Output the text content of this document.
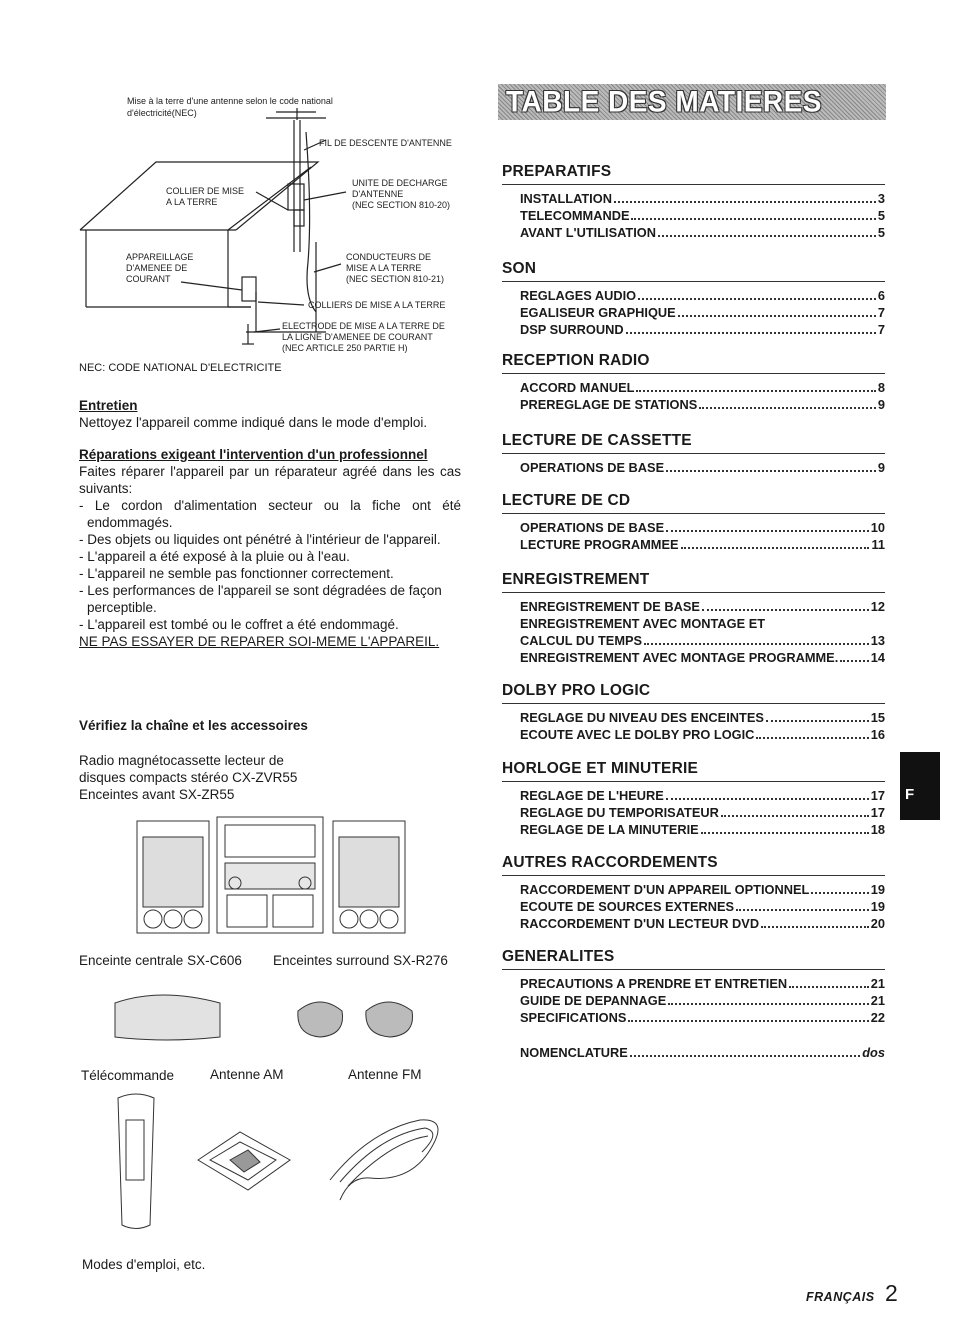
Mise à la terre d'une antenne selon le code national
d'électricité(NEC)
FIL DE DESCENTE D'ANTENNE
COLLIER DE MISE
A LA TERRE
UNITE DE DECHARGE
D'ANTENNE
(NEC SECTION 810-20)
APPAREILLAGE
D'AMENEE DE
COURANT
CONDUCTEURS DE
MISE A LA TERRE
(NEC SECTION 810-21)
COLLIERS DE MISE A LA TERRE
ELECTRODE DE MISE A LA TERRE DE
LA LIGNE D'AMENEE DE COURANT
(NEC ARTICLE 250 PARTIE H)
NEC: CODE NATIONAL D'ELECTRICITE
Entretien
Nettoyez l'appareil comme indiqué dans le mode d'emploi.
Réparations exigeant l'intervention d'un professionnel
Faites réparer l'appareil par un réparateur agréé dans les cas suivants:
- Le cordon d'alimentation secteur ou la fiche ont été endommagés.
- Des objets ou liquides ont pénétré à l'intérieur de l'appareil.
- L'appareil a été exposé à la pluie ou à l'eau.
- L'appareil ne semble pas fonctionner correctement.
- Les performances de l'appareil se sont dégradées de façon perceptible.
- L'appareil est tombé ou le coffret a été endommagé.
NE PAS ESSAYER DE REPARER SOI-MEME L'APPAREIL.
Vérifiez la chaîne et les accessoires
Radio magnétocassette lecteur de
disques compacts stéréo CX-ZVR55
Enceintes avant SX-ZR55
Enceinte centrale SX-C606 Enceintes surround SX-R276
Télécommande	Antenne AM	Antenne FM
Modes d'emploi, etc.
TABLE DES MATIERES
PREPARATIFS
INSTALLATION	3
TELECOMMANDE	5
AVANT L'UTILISATION	5
SON
REGLAGES AUDIO	6
EGALISEUR GRAPHIQUE	7
DSP SURROUND	7
RECEPTION RADIO
ACCORD MANUEL	8
PREREGLAGE DE STATIONS	9
LECTURE DE CASSETTE
OPERATIONS DE BASE	9
LECTURE DE CD
OPERATIONS DE BASE	10
LECTURE PROGRAMMEE	11
ENREGISTREMENT
ENREGISTREMENT DE BASE	12
ENREGISTREMENT AVEC MONTAGE ET
CALCUL DU TEMPS	13
ENREGISTREMENT AVEC MONTAGE PROGRAMME.	14
DOLBY PRO LOGIC
REGLAGE DU NIVEAU DES ENCEINTES	15
ECOUTE AVEC LE DOLBY PRO LOGIC	16
HORLOGE ET MINUTERIE
REGLAGE DE L'HEURE	17
REGLAGE DU TEMPORISATEUR	17
REGLAGE DE LA MINUTERIE	18
AUTRES RACCORDEMENTS
RACCORDEMENT D'UN APPAREIL OPTIONNEL	19
ECOUTE DE SOURCES EXTERNES	19
RACCORDEMENT D'UN LECTEUR DVD	20
GENERALITES
PRECAUTIONS A PRENDRE ET ENTRETIEN	21
GUIDE DE DEPANNAGE	21
SPECIFICATIONS	22
NOMENCLATURE	dos
F
FRANÇAIS 2
